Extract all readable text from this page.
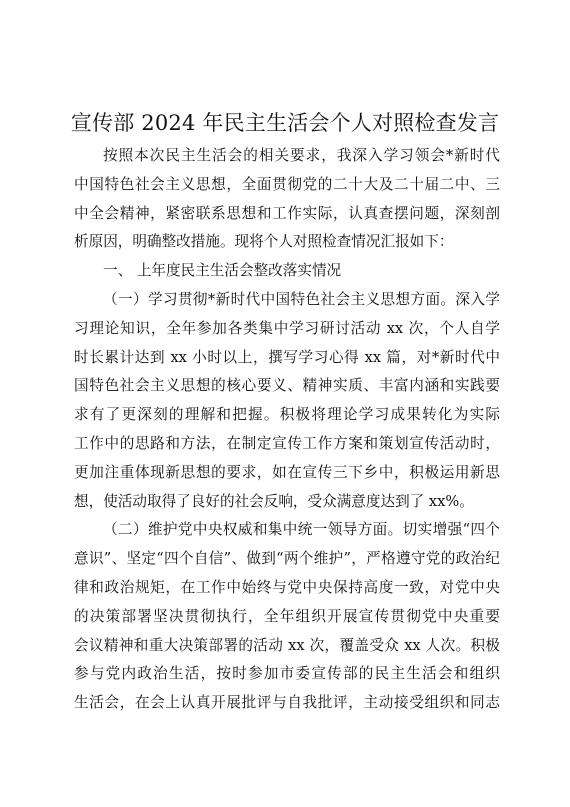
宣传部 2024 年民主生活会个人对照检查发言
按照本次民主生活会的相关要求，我深入学习领会*新时代
中国特色社会主义思想，全面贯彻党的二十大及二十届二中、三
中全会精神，紧密联系思想和工作实际，认真查摆问题，深刻剖
析原因，明确整改措施。现将个人对照检查情况汇报如下：
一、 上年度民主生活会整改落实情况
（一）学习贯彻*新时代中国特色社会主义思想方面。深入学
习理论知识，全年参加各类集中学习研讨活动 xx 次，个人自学
时长累计达到 xx 小时以上，撰写学习心得 xx 篇，对*新时代中
国特色社会主义思想的核心要义、精神实质、丰富内涵和实践要
求有了更深刻的理解和把握。积极将理论学习成果转化为实际
工作中的思路和方法，在制定宣传工作方案和策划宣传活动时，
更加注重体现新思想的要求，如在宣传三下乡中，积极运用新思
想，使活动取得了良好的社会反响，受众满意度达到了 xx%。
（二）维护党中央权威和集中统一领导方面。切实增强“四个
意识”、坚定“四个自信”、做到“两个维护”，严格遵守党的政治纪
律和政治规矩，在工作中始终与党中央保持高度一致，对党中央
的决策部署坚决贯彻执行，全年组织开展宣传贯彻党中央重要
会议精神和重大决策部署的活动 xx 次，覆盖受众 xx 人次。积极
参与党内政治生活，按时参加市委宣传部的民主生活会和组织
生活会，在会上认真开展批评与自我批评，主动接受组织和同志
